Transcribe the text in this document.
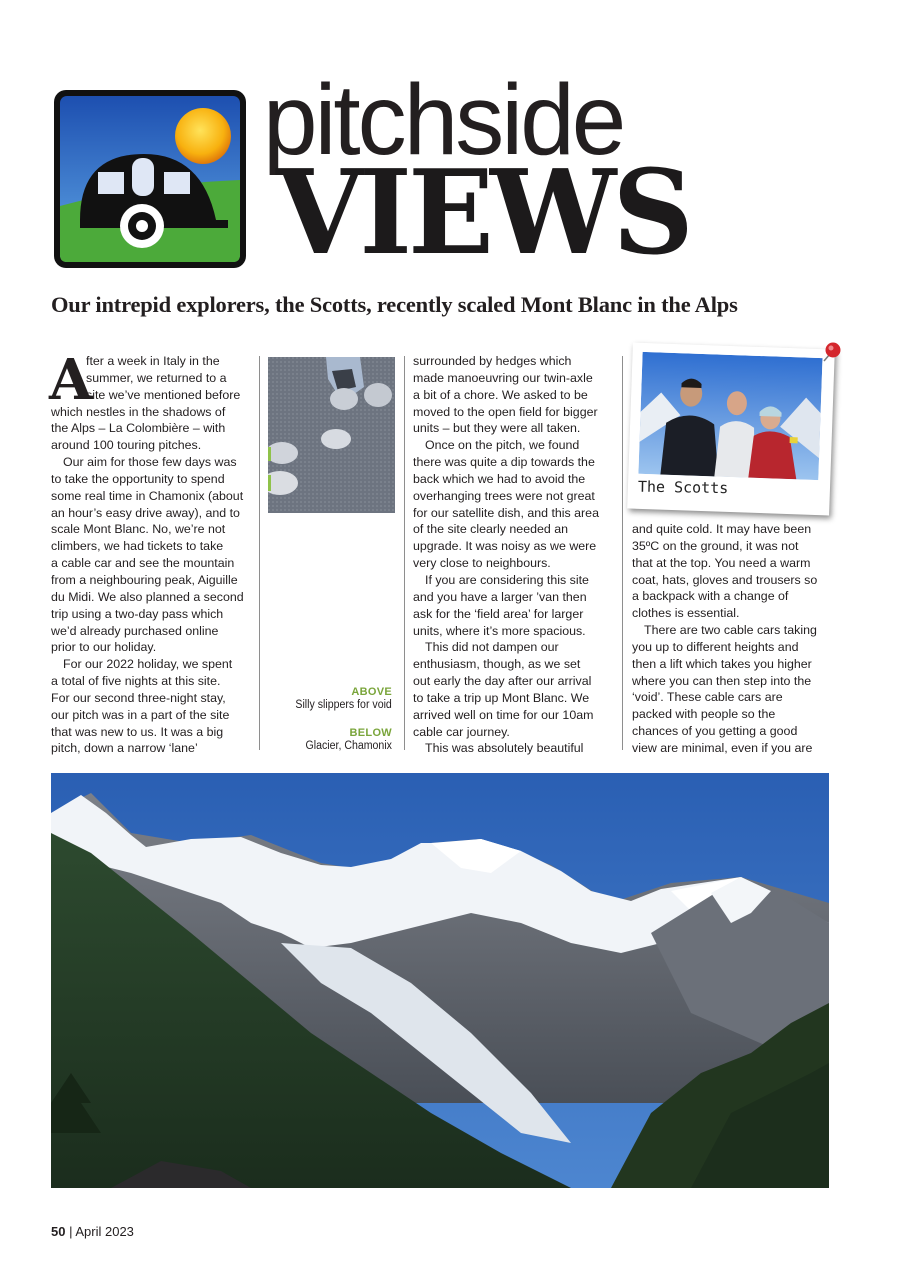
pitchside
VIEWS
Our intrepid explorers, the Scotts, recently scaled Mont Blanc in the Alps
A
fter a week in Italy in the
summer, we returned to a
site we’ve mentioned before
which nestles in the shadows of
the Alps – La Colombière – with
around 100 touring pitches.
Our aim for those few days was
to take the opportunity to spend
some real time in Chamonix (about
an hour’s easy drive away), and to
scale Mont Blanc. No, we’re not
climbers, we had tickets to take
a cable car and see the mountain
from a neighbouring peak, Aiguille
du Midi. We also planned a second
trip using a two-day pass which
we’d already purchased online
prior to our holiday.
For our 2022 holiday, we spent
a total of five nights at this site.
For our second three-night stay,
our pitch was in a part of the site
that was new to us. It was a big
pitch, down a narrow ‘lane’
ABOVE
Silly slippers for void
BELOW
Glacier, Chamonix
surrounded by hedges which
made manoeuvring our twin-axle
a bit of a chore. We asked to be
moved to the open field for bigger
units – but they were all taken.
Once on the pitch, we found
there was quite a dip towards the
back which we had to avoid the
overhanging trees were not great
for our satellite dish, and this area
of the site clearly needed an
upgrade. It was noisy as we were
very close to neighbours.
If you are considering this site
and you have a larger ’van then
ask for the ‘field area’ for larger
units, where it’s more spacious.
This did not dampen our
enthusiasm, though, as we set
out early the day after our arrival
to take a trip up Mont Blanc. We
arrived well on time for our 10am
cable car journey.
This was absolutely beautiful
The Scotts
and quite cold. It may have been
35ºC on the ground, it was not
that at the top. You need a warm
coat, hats, gloves and trousers so
a backpack with a change of
clothes is essential.
There are two cable cars taking
you up to different heights and
then a lift which takes you higher
where you can then step into the
‘void’. These cable cars are
packed with people so the
chances of you getting a good
view are minimal, even if you are
50 | April 2023
